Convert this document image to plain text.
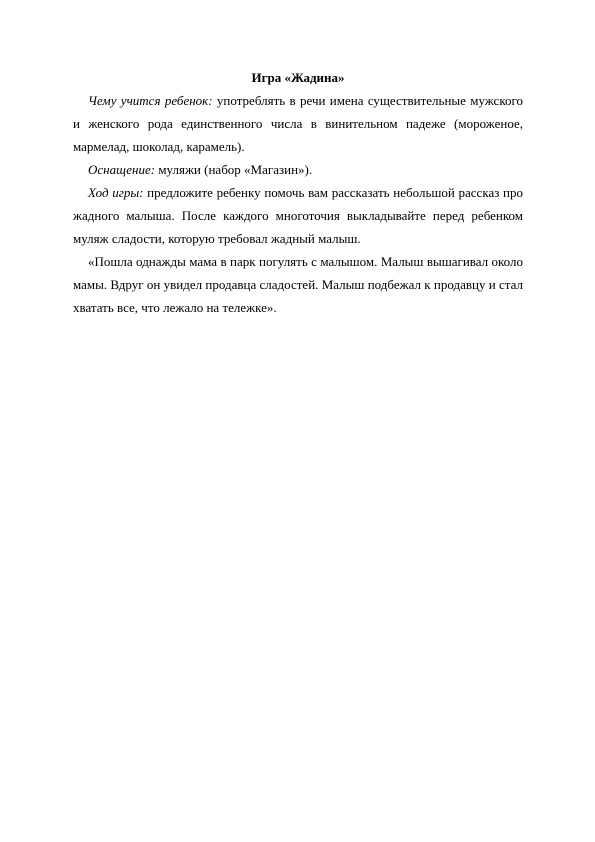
Игра «Жадина»

Чему учится ребенок: употреблять в речи имена существительные мужского и женского рода единственного числа в винительном падеже (мороженое, мармелад, шоколад, карамель).

Оснащение: муляжи (набор «Магазин»).

Ход игры: предложите ребенку помочь вам рассказать небольшой рассказ про жадного малыша. После каждого многоточия выкладывайте перед ребенком муляж сладости, которую требовал жадный малыш.

«Пошла однажды мама в парк погулять с малышом. Малыш вышагивал около мамы. Вдруг он увидел продавца сладостей. Малыш подбежал к продавцу и стал хватать все, что лежало на тележке».
